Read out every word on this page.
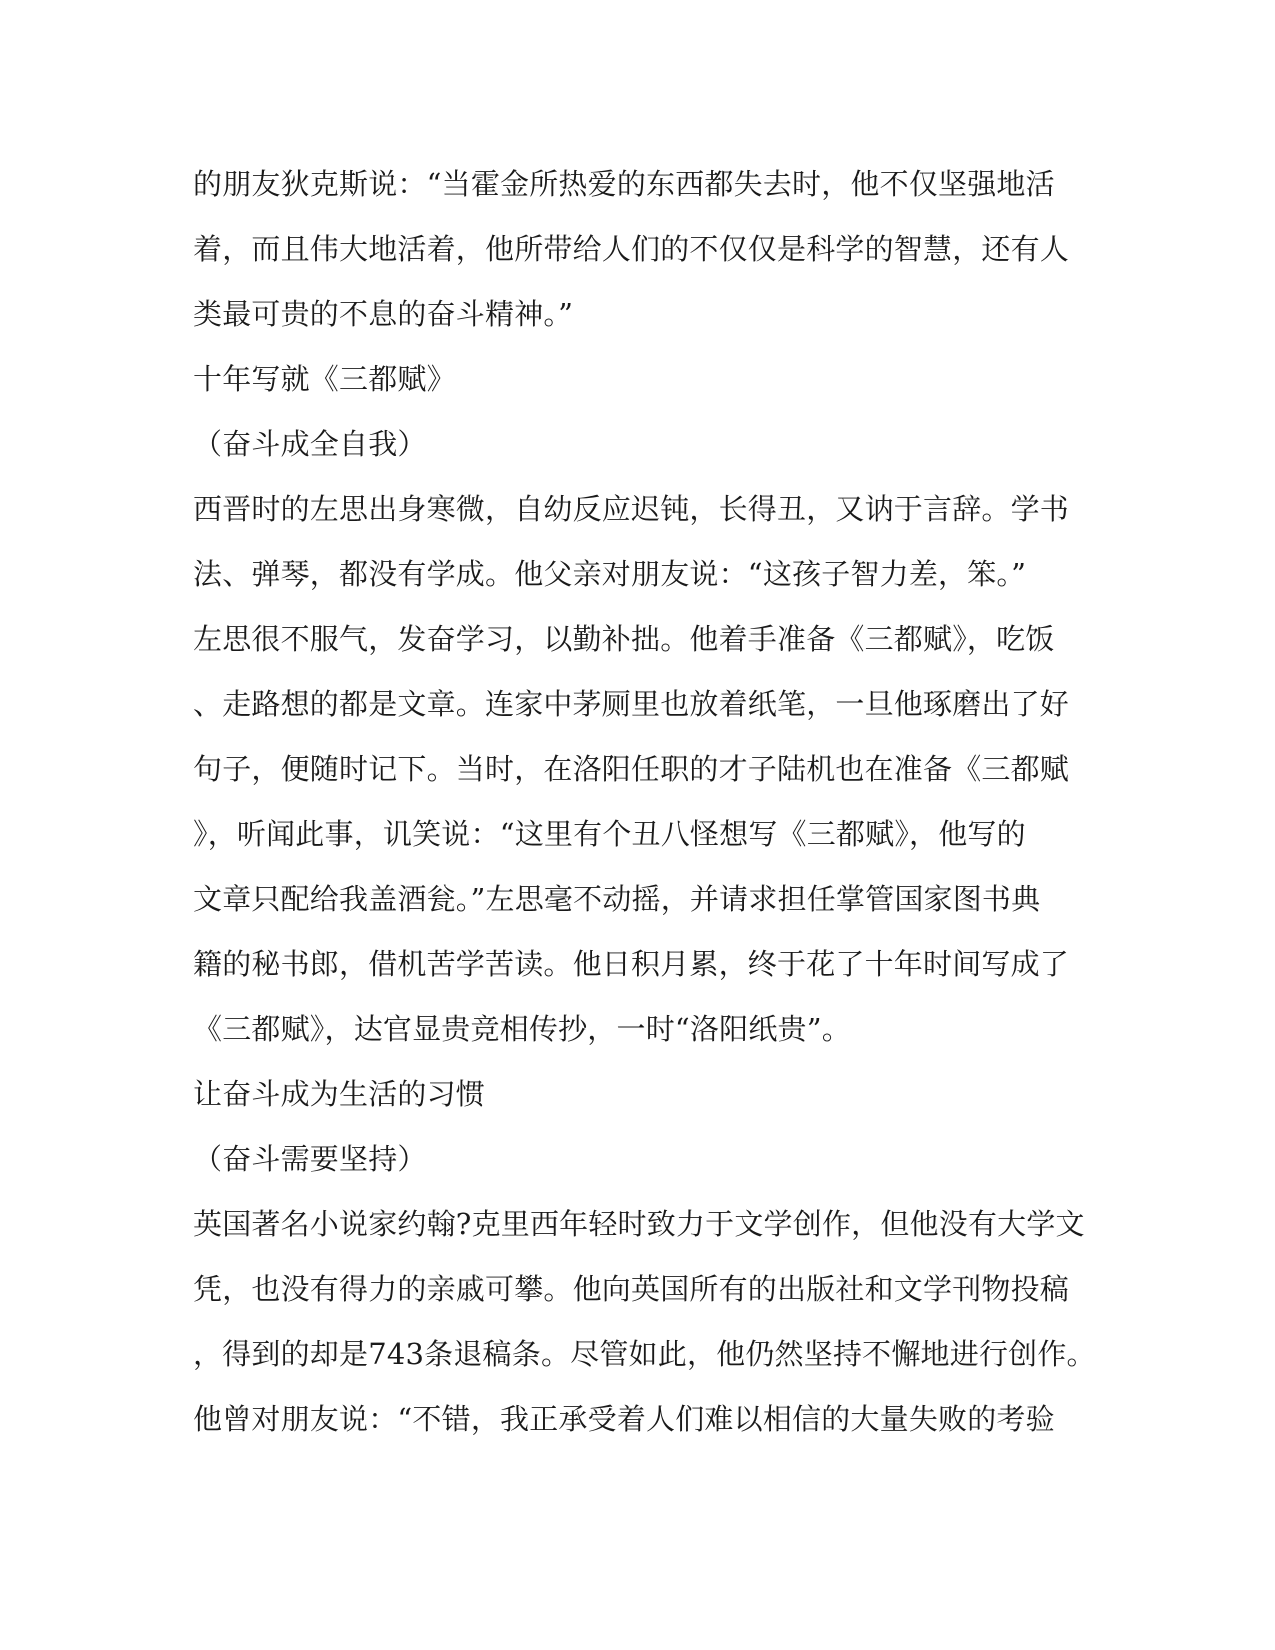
的朋友狄克斯说：“当霍金所热爱的东西都失去时，他不仅坚强地活
着，而且伟大地活着，他所带给人们的不仅仅是科学的智慧，还有人
类最可贵的不息的奋斗精神。”
十年写就《三都赋》
（奋斗成全自我）
西晋时的左思出身寒微，自幼反应迟钝，长得丑，又讷于言辞。学书
法、弹琴，都没有学成。他父亲对朋友说：“这孩子智力差，笨。”
左思很不服气，发奋学习，以勤补拙。他着手准备《三都赋》，吃饭
、走路想的都是文章。连家中茅厕里也放着纸笔，一旦他琢磨出了好
句子，便随时记下。当时，在洛阳任职的才子陆机也在准备《三都赋
》，听闻此事，讥笑说：“这里有个丑八怪想写《三都赋》，他写的
文章只配给我盖酒瓮。”左思毫不动摇，并请求担任掌管国家图书典
籍的秘书郎，借机苦学苦读。他日积月累，终于花了十年时间写成了
《三都赋》，达官显贵竞相传抄，一时“洛阳纸贵”。
让奋斗成为生活的习惯
（奋斗需要坚持）
英国著名小说家约翰?克里西年轻时致力于文学创作，但他没有大学文
凭，也没有得力的亲戚可攀。他向英国所有的出版社和文学刊物投稿
，得到的却是743条退稿条。尽管如此，他仍然坚持不懈地进行创作。
他曾对朋友说：“不错，我正承受着人们难以相信的大量失败的考验
